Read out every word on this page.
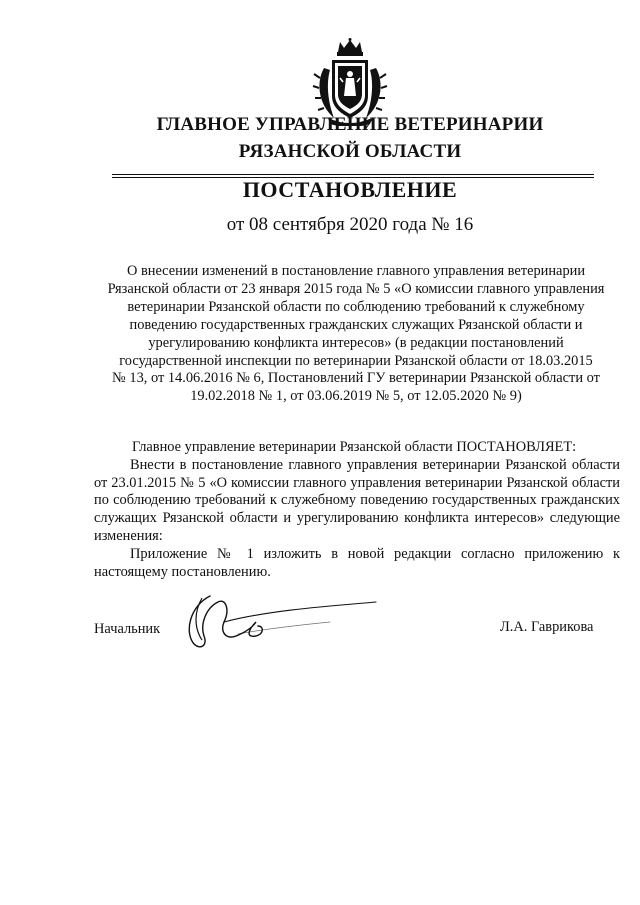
ГЛАВНОЕ УПРАВЛЕНИЕ ВЕТЕРИНАРИИ
РЯЗАНСКОЙ ОБЛАСТИ
ПОСТАНОВЛЕНИЕ
от 08 сентября 2020 года № 16
О внесении изменений в постановление главного управления ветеринарии
Рязанской области от 23 января 2015 года № 5 «О комиссии главного управления
ветеринарии Рязанской области по соблюдению требований к служебному
поведению государственных гражданских служащих Рязанской области и
урегулированию конфликта интересов» (в редакции постановлений
государственной инспекции по ветеринарии Рязанской области от 18.03.2015
№ 13, от 14.06.2016 № 6, Постановлений ГУ ветеринарии Рязанской области от
19.02.2018 № 1, от 03.06.2019 № 5, от 12.05.2020 № 9)

Главное управление ветеринарии Рязанской области ПОСТАНОВЛЯЕТ:

Внести в постановление главного управления ветеринарии Рязанской области от 23.01.2015 № 5 «О комиссии главного управления ветеринарии Рязанской области по соблюдению требований к служебному поведению государственных гражданских служащих Рязанской области и урегулированию конфликта интересов» следующие изменения:

Приложение № 1 изложить в новой редакции согласно приложению к настоящему постановлению.

Начальник	Л.А. Гаврикова
